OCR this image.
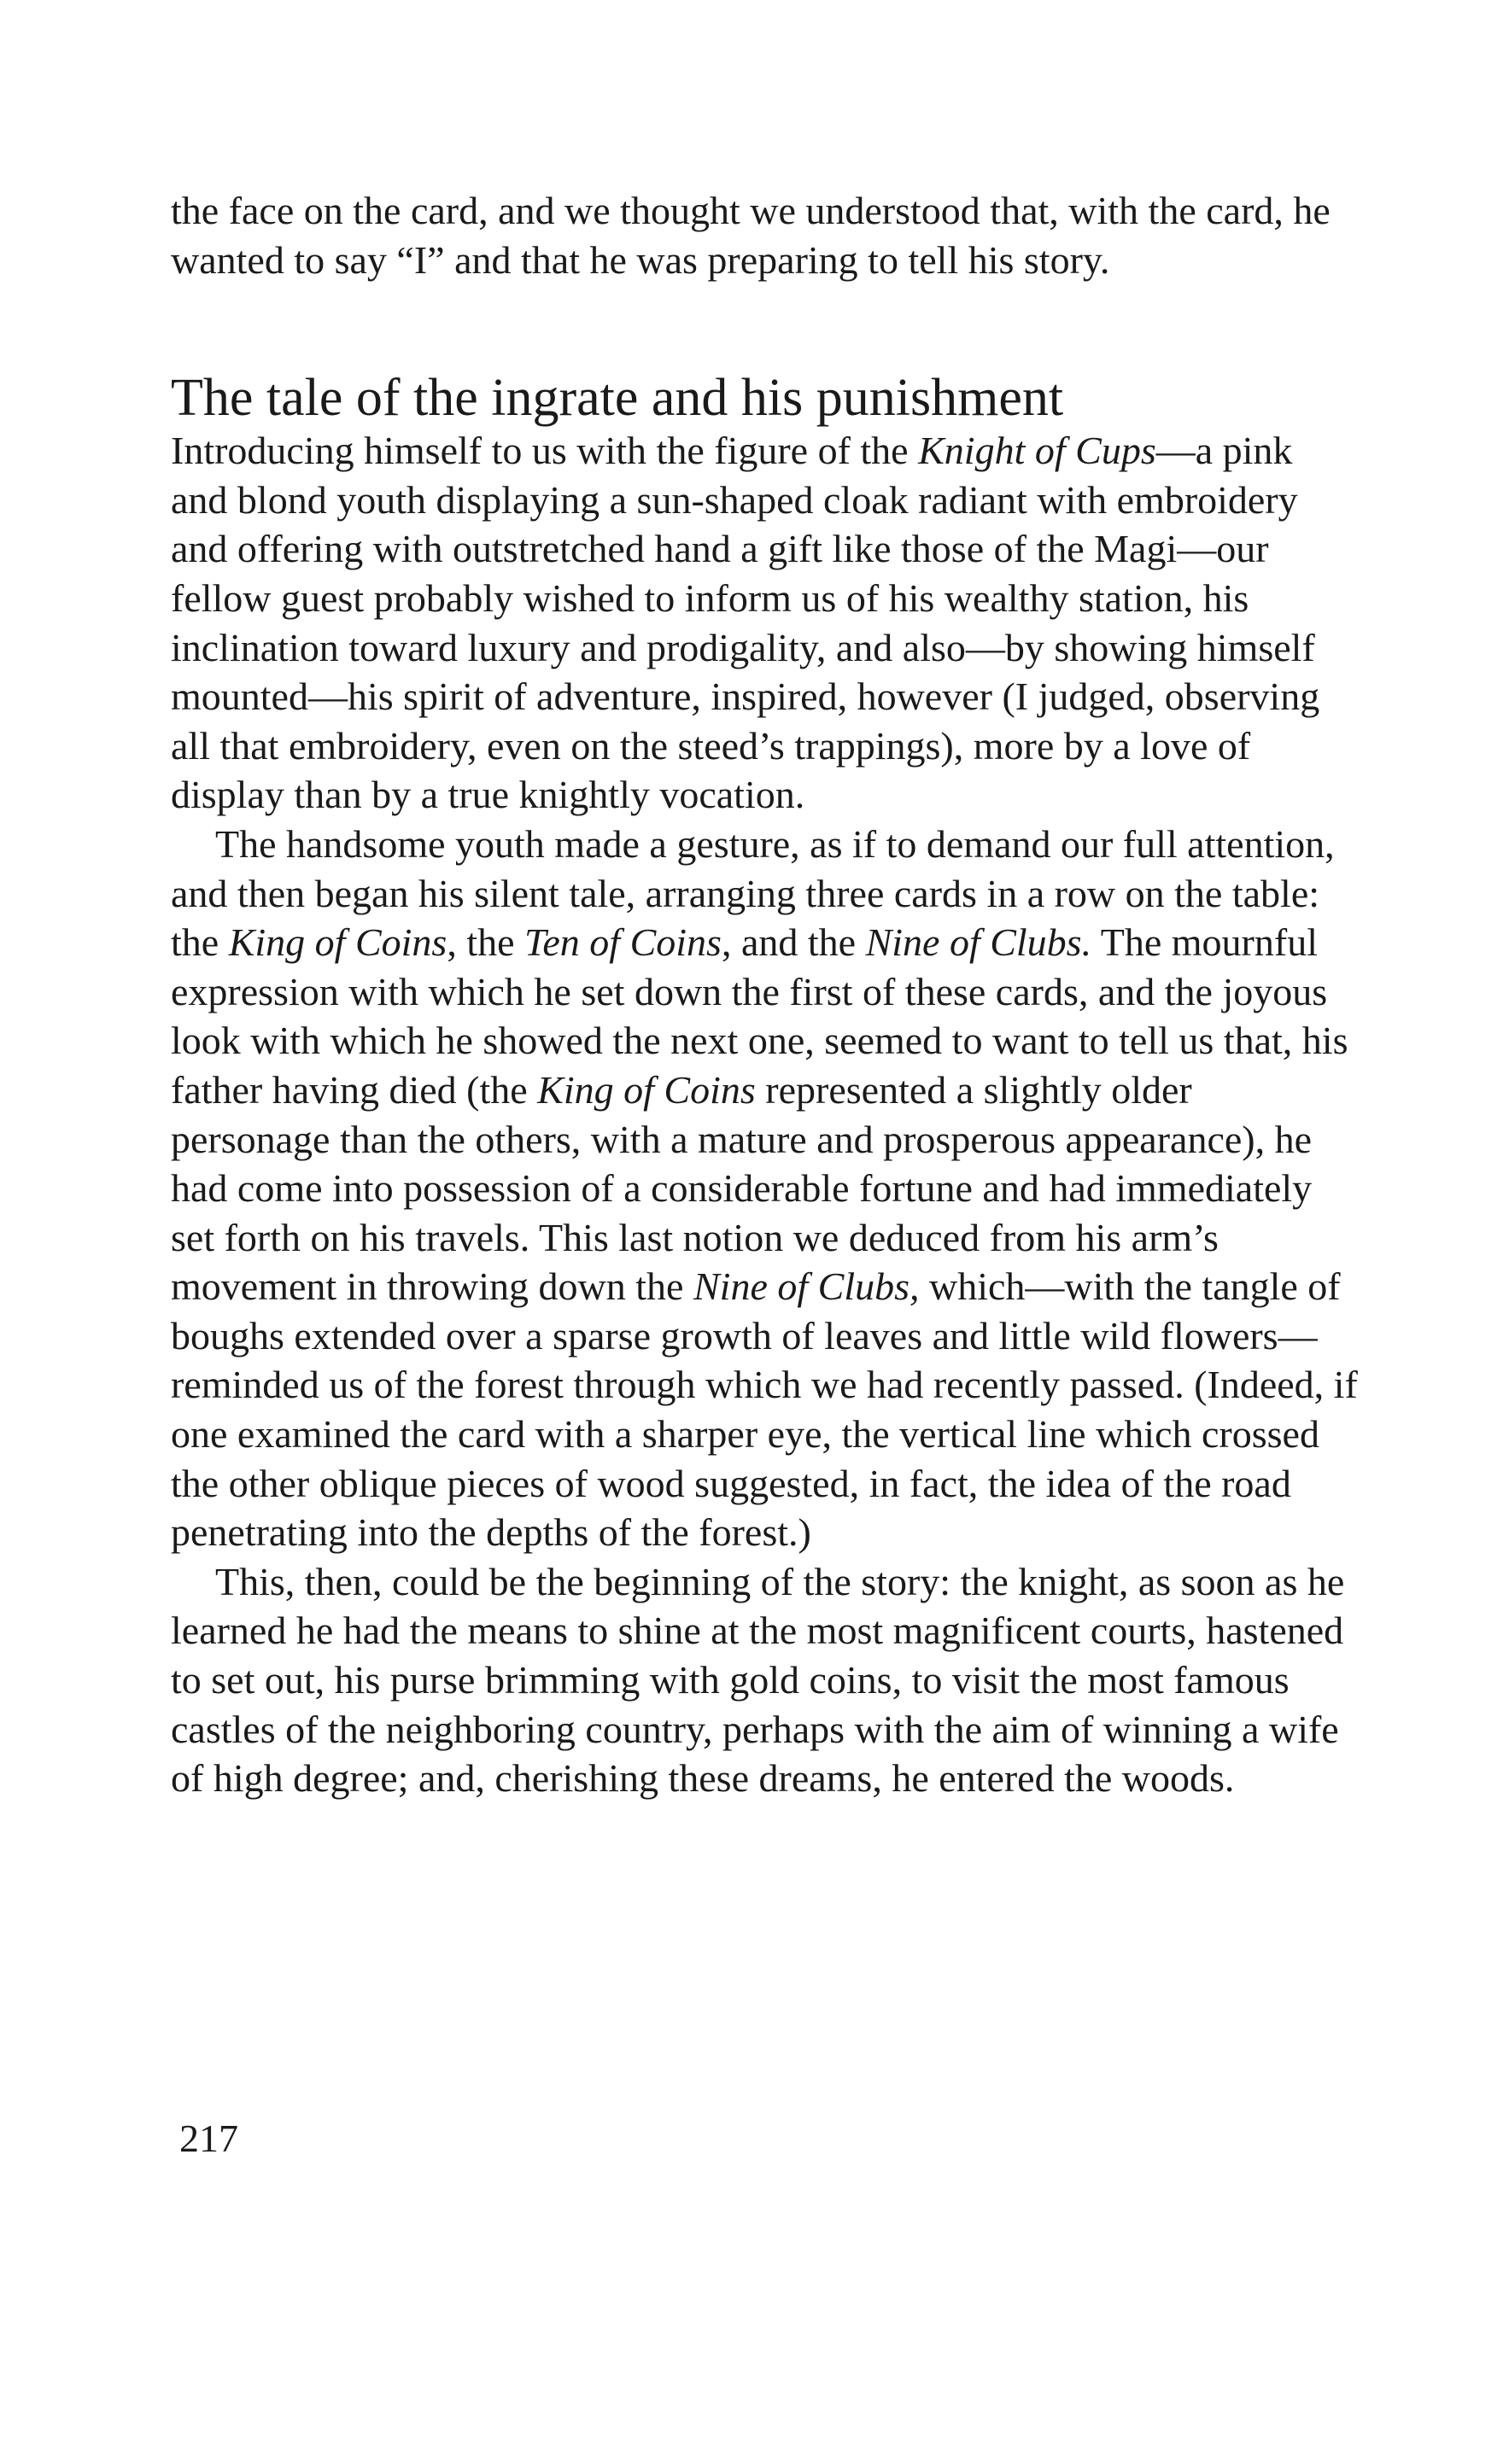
the face on the card, and we thought we understood that, with the card, he wanted to say “I” and that he was preparing to tell his story.

The tale of the ingrate and his punishment

Introducing himself to us with the figure of the Knight of Cups—a pink and blond youth displaying a sun-shaped cloak radiant with embroidery and offering with outstretched hand a gift like those of the Magi—our fellow guest probably wished to inform us of his wealthy station, his inclination toward luxury and prodigality, and also—by showing himself mounted—his spirit of adventure, inspired, however (I judged, observing all that embroidery, even on the steed’s trappings), more by a love of display than by a true knightly vocation.

The handsome youth made a gesture, as if to demand our full attention, and then began his silent tale, arranging three cards in a row on the table: the King of Coins, the Ten of Coins, and the Nine of Clubs. The mournful expression with which he set down the first of these cards, and the joyous look with which he showed the next one, seemed to want to tell us that, his father having died (the King of Coins represented a slightly older personage than the others, with a mature and prosperous appearance), he had come into possession of a considerable fortune and had immediately set forth on his travels. This last notion we deduced from his arm’s movement in throwing down the Nine of Clubs, which—with the tangle of boughs extended over a sparse growth of leaves and little wild flowers—reminded us of the forest through which we had recently passed. (Indeed, if one examined the card with a sharper eye, the vertical line which crossed the other oblique pieces of wood suggested, in fact, the idea of the road penetrating into the depths of the forest.)

This, then, could be the beginning of the story: the knight, as soon as he learned he had the means to shine at the most magnificent courts, hastened to set out, his purse brimming with gold coins, to visit the most famous castles of the neighboring country, perhaps with the aim of winning a wife of high degree; and, cherishing these dreams, he entered the woods.

217
